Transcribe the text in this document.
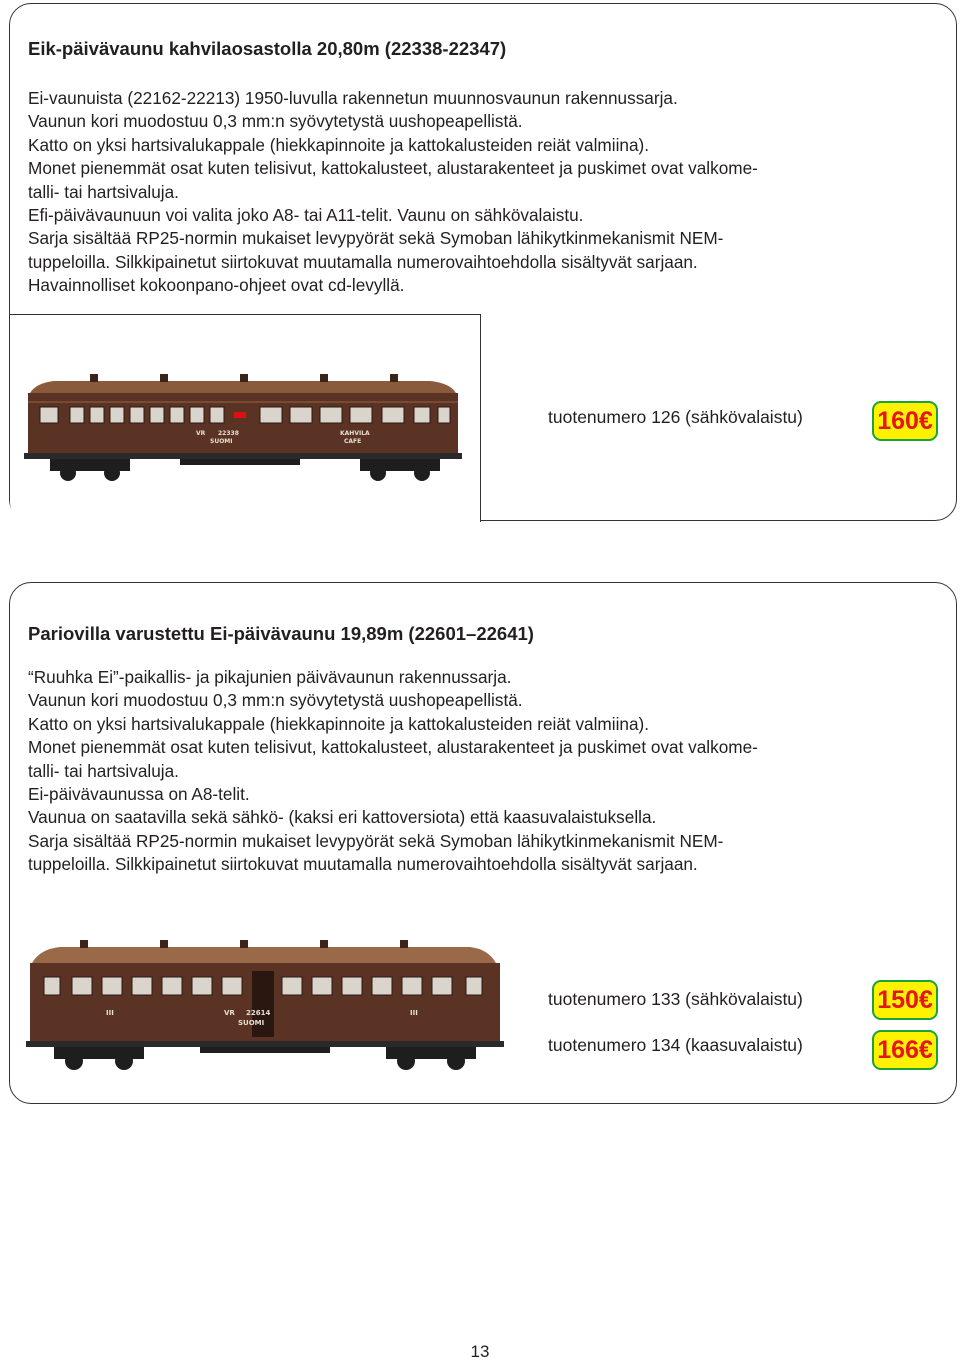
Eik-päivävaunu kahvilaosastolla 20,80m (22338-22347)
Ei-vaunuista (22162-22213) 1950-luvulla rakennetun muunnosvaunun rakennussarja.
Vaunun kori muodostuu 0,3 mm:n syövytetystä uushopeapellistä.
Katto on yksi hartsivalukappale (hiekkapinnoite ja kattokalusteiden reiät valmiina).
Monet pienemmät osat kuten telisivut, kattokalusteet, alustarakenteet ja puskimet ovat valkome-
talli- tai hartsivaluja.
Efi-päivävaunuun voi valita joko A8- tai A11-telit. Vaunu on sähkövalaistu.
Sarja sisältää RP25-normin mukaiset levypyörät sekä Symoban lähikytkinmekanismit NEM-
tuppeloilla. Silkkipainetut siirtokuvat muutamalla numerovaihtoehdolla sisältyvät sarjaan.
Havainnolliset kokoonpano-ohjeet ovat cd-levyllä.
VR 22338
SUOMI
KAHVILA
CAFE
tuotenumero 126 (sähkövalaistu)	160€
Pariovilla varustettu Ei-päivävaunu 19,89m (22601–22641)
“Ruuhka Ei”-paikallis- ja pikajunien päivävaunun rakennussarja.
Vaunun kori muodostuu 0,3 mm:n syövytetystä uushopeapellistä.
Katto on yksi hartsivalukappale (hiekkapinnoite ja kattokalusteiden reiät valmiina).
Monet pienemmät osat kuten telisivut, kattokalusteet, alustarakenteet ja puskimet ovat valkome-
talli- tai hartsivaluja.
Ei-päivävaunussa on A8-telit.
Vaunua on saatavilla sekä sähkö- (kaksi eri kattoversiota) että kaasuvalaistuksella.
Sarja sisältää RP25-normin mukaiset levypyörät sekä Symoban lähikytkinmekanismit NEM-
tuppeloilla. Silkkipainetut siirtokuvat muutamalla numerovaihtoehdolla sisältyvät sarjaan.
VR 22614
SUOMI
III	III
tuotenumero 133 (sähkövalaistu)	150€
tuotenumero 134 (kaasuvalaistu)	166€
13
